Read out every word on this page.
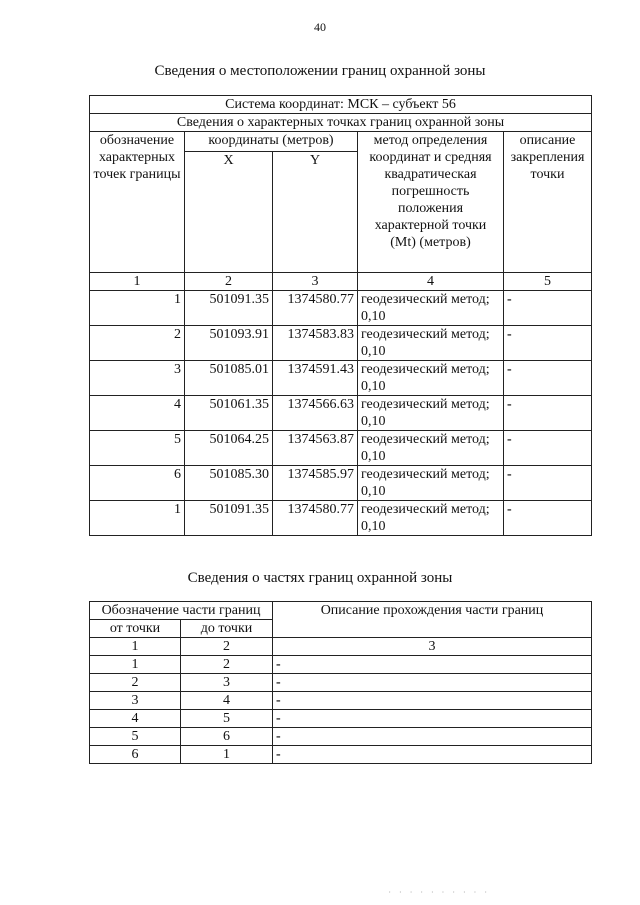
40
Сведения о местоположении границ охранной зоны
Система координат: МСК – субъект 56				
Сведения о характерных точках границ охранной зоны				
обозначение характерных точек границы	координаты (метров)		метод определения координат и средняя квадратическая погрешность положения характерной точки (Mt) (метров)	описание закрепления точки
	X	Y		
1	2	3	4	5
1	501091.35	1374580.77	геодезический метод; 0,10	-
2	501093.91	1374583.83	геодезический метод; 0,10	-
3	501085.01	1374591.43	геодезический метод; 0,10	-
4	501061.35	1374566.63	геодезический метод; 0,10	-
5	501064.25	1374563.87	геодезический метод; 0,10	-
6	501085.30	1374585.97	геодезический метод; 0,10	-
1	501091.35	1374580.77	геодезический метод; 0,10	-
Сведения о частях границ охранной зоны
Обозначение части границ		Описание прохождения части границ
от точки	до точки	
1	2	3
1	2	-
2	3	-
3	4	-
4	5	-
5	6	-
6	1	-
· · · · · · · · · ·
